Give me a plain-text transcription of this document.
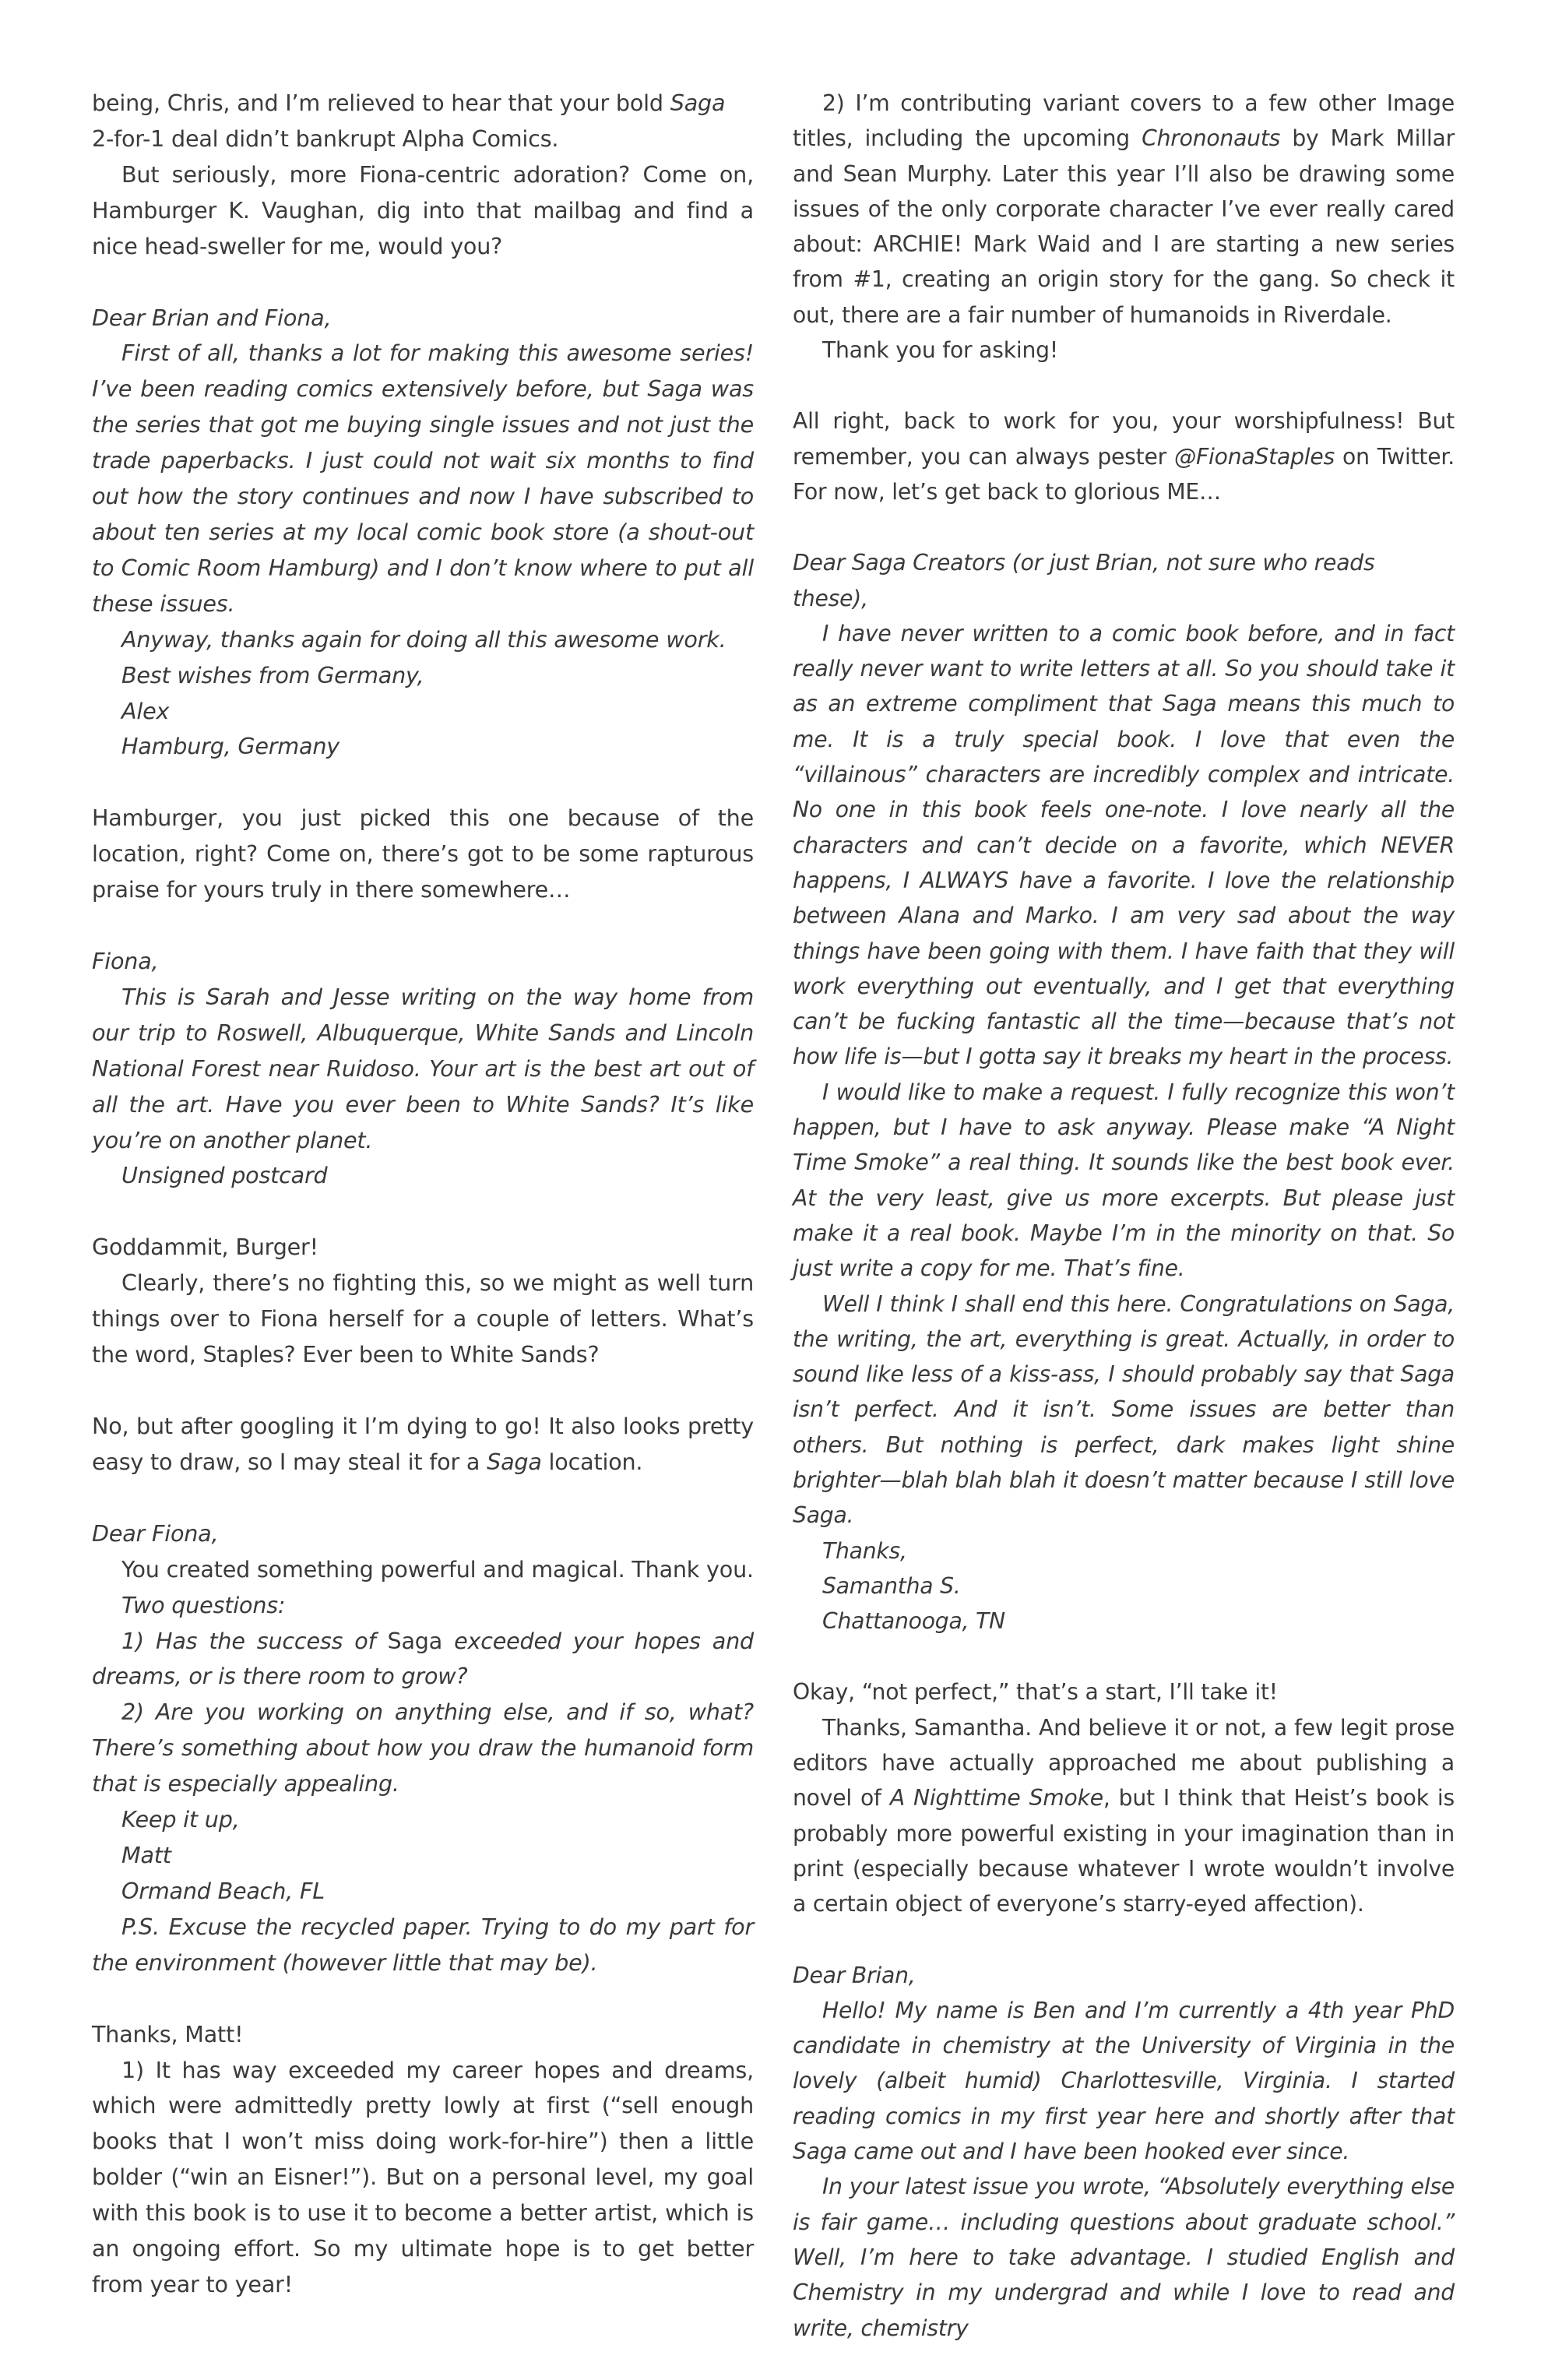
being, Chris, and I’m relieved to hear that your bold Saga 2-for-1 deal didn’t bankrupt Alpha Comics.

But seriously, more Fiona-centric adoration? Come on, Hamburger K. Vaughan, dig into that mailbag and find a nice head-sweller for me, would you?

Dear Brian and Fiona,

First of all, thanks a lot for making this awesome series! I’ve been reading comics extensively before, but Saga was the series that got me buying single issues and not just the trade paperbacks. I just could not wait six months to find out how the story continues and now I have subscribed to about ten series at my local comic book store (a shout-out to Comic Room Hamburg) and I don’t know where to put all these issues.

Anyway, thanks again for doing all this awesome work.

Best wishes from Germany,

Alex

Hamburg, Germany

Hamburger, you just picked this one because of the location, right? Come on, there’s got to be some rapturous praise for yours truly in there somewhere…

Fiona,

This is Sarah and Jesse writing on the way home from our trip to Roswell, Albuquerque, White Sands and Lincoln National Forest near Ruidoso. Your art is the best art out of all the art. Have you ever been to White Sands? It’s like you’re on another planet.

Unsigned postcard

Goddammit, Burger!

Clearly, there’s no fighting this, so we might as well turn things over to Fiona herself for a couple of letters. What’s the word, Staples? Ever been to White Sands?

No, but after googling it I’m dying to go! It also looks pretty easy to draw, so I may steal it for a Saga location.

Dear Fiona,

You created something powerful and magical. Thank you.

Two questions:

1) Has the success of Saga exceeded your hopes and dreams, or is there room to grow?

2) Are you working on anything else, and if so, what? There’s something about how you draw the humanoid form that is especially appealing.

Keep it up,

Matt

Ormand Beach, FL

P.S. Excuse the recycled paper. Trying to do my part for the environment (however little that may be).

Thanks, Matt!

1) It has way exceeded my career hopes and dreams, which were admittedly pretty lowly at first (“sell enough books that I won’t miss doing work-for-hire”) then a little bolder (“win an Eisner!”). But on a personal level, my goal with this book is to use it to become a better artist, which is an ongoing effort. So my ultimate hope is to get better from year to year!

2) I’m contributing variant covers to a few other Image titles, including the upcoming Chrononauts by Mark Millar and Sean Murphy. Later this year I’ll also be drawing some issues of the only corporate character I’ve ever really cared about: ARCHIE! Mark Waid and I are starting a new series from #1, creating an origin story for the gang. So check it out, there are a fair number of humanoids in Riverdale.

Thank you for asking!

All right, back to work for you, your worshipfulness! But remember, you can always pester @FionaStaples on Twitter. For now, let’s get back to glorious ME…

Dear Saga Creators (or just Brian, not sure who reads these),

I have never written to a comic book before, and in fact really never want to write letters at all. So you should take it as an extreme compliment that Saga means this much to me. It is a truly special book. I love that even the “villainous” characters are incredibly complex and intricate. No one in this book feels one-note. I love nearly all the characters and can’t decide on a favorite, which NEVER happens, I ALWAYS have a favorite. I love the relationship between Alana and Marko. I am very sad about the way things have been going with them. I have faith that they will work everything out eventually, and I get that everything can’t be fucking fantastic all the time—because that’s not how life is—but I gotta say it breaks my heart in the process.

I would like to make a request. I fully recognize this won’t happen, but I have to ask anyway. Please make “A Night Time Smoke” a real thing. It sounds like the best book ever. At the very least, give us more excerpts. But please just make it a real book. Maybe I’m in the minority on that. So just write a copy for me. That’s fine.

Well I think I shall end this here. Congratulations on Saga, the writing, the art, everything is great. Actually, in order to sound like less of a kiss-ass, I should probably say that Saga isn’t perfect. And it isn’t. Some issues are better than others. But nothing is perfect, dark makes light shine brighter—blah blah blah it doesn’t matter because I still love Saga.

Thanks,

Samantha S.

Chattanooga, TN

Okay, “not perfect,” that’s a start, I’ll take it!

Thanks, Samantha. And believe it or not, a few legit prose editors have actually approached me about publishing a novel of A Nighttime Smoke, but I think that Heist’s book is probably more powerful existing in your imagination than in print (especially because whatever I wrote wouldn’t involve a certain object of everyone’s starry-eyed affection).

Dear Brian,

Hello! My name is Ben and I’m currently a 4th year PhD candidate in chemistry at the University of Virginia in the lovely (albeit humid) Charlottesville, Virginia. I started reading comics in my first year here and shortly after that Saga came out and I have been hooked ever since.

In your latest issue you wrote, “Absolutely everything else is fair game… including questions about graduate school.” Well, I’m here to take advantage. I studied English and Chemistry in my undergrad and while I love to read and write, chemistry
